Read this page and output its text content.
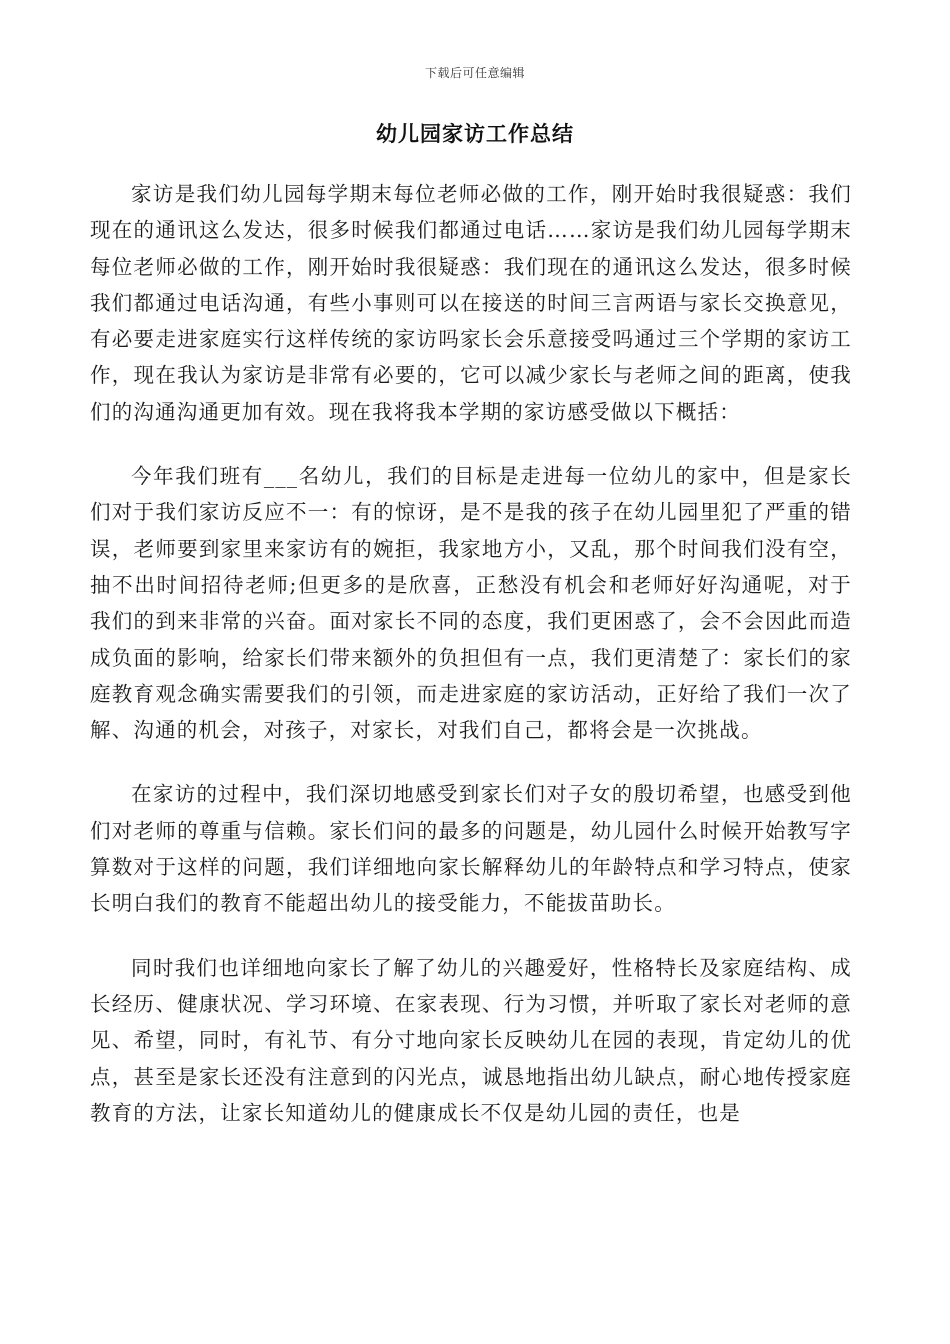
下载后可任意编辑
幼儿园家访工作总结

家访是我们幼儿园每学期末每位老师必做的工作，刚开始时我很疑惑：我们现在的通讯这么发达，很多时候我们都通过电话……家访是我们幼儿园每学期末每位老师必做的工作，刚开始时我很疑惑：我们现在的通讯这么发达，很多时候我们都通过电话沟通，有些小事则可以在接送的时间三言两语与家长交换意见，有必要走进家庭实行这样传统的家访吗家长会乐意接受吗通过三个学期的家访工作，现在我认为家访是非常有必要的，它可以减少家长与老师之间的距离，使我们的沟通沟通更加有效。现在我将我本学期的家访感受做以下概括：

今年我们班有___名幼儿，我们的目标是走进每一位幼儿的家中，但是家长们对于我们家访反应不一：有的惊讶，是不是我的孩子在幼儿园里犯了严重的错误，老师要到家里来家访有的婉拒，我家地方小，又乱，那个时间我们没有空，抽不出时间招待老师;但更多的是欣喜，正愁没有机会和老师好好沟通呢，对于我们的到来非常的兴奋。面对家长不同的态度，我们更困惑了，会不会因此而造成负面的影响，给家长们带来额外的负担但有一点，我们更清楚了：家长们的家庭教育观念确实需要我们的引领，而走进家庭的家访活动，正好给了我们一次了解、沟通的机会，对孩子，对家长，对我们自己，都将会是一次挑战。

在家访的过程中，我们深切地感受到家长们对子女的殷切希望，也感受到他们对老师的尊重与信赖。家长们问的最多的问题是，幼儿园什么时候开始教写字算数对于这样的问题，我们详细地向家长解释幼儿的年龄特点和学习特点，使家长明白我们的教育不能超出幼儿的接受能力，不能拔苗助长。

同时我们也详细地向家长了解了幼儿的兴趣爱好，性格特长及家庭结构、成长经历、健康状况、学习环境、在家表现、行为习惯，并听取了家长对老师的意见、希望，同时，有礼节、有分寸地向家长反映幼儿在园的表现，肯定幼儿的优点，甚至是家长还没有注意到的闪光点，诚恳地指出幼儿缺点，耐心地传授家庭教育的方法，让家长知道幼儿的健康成长不仅是幼儿园的责任，也是
